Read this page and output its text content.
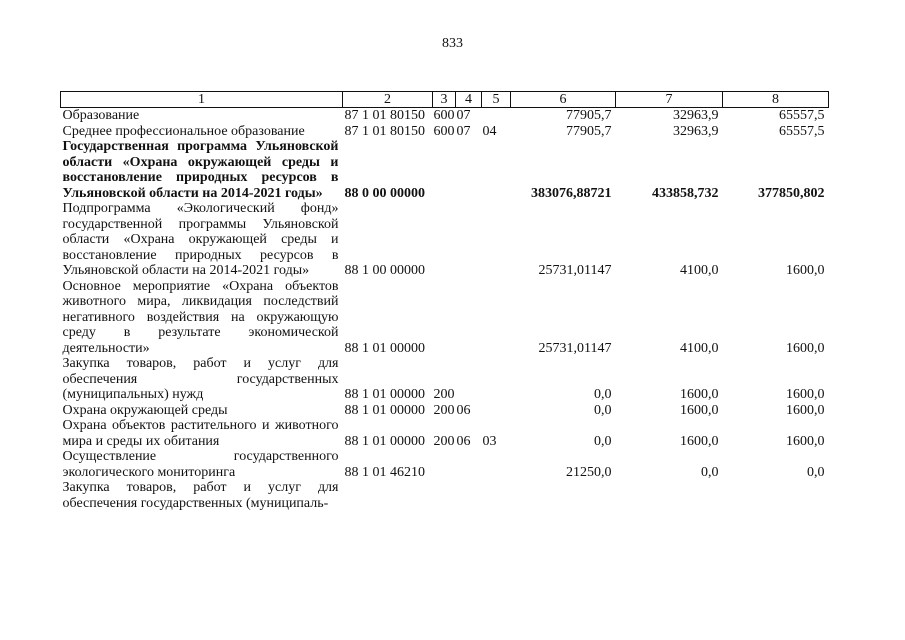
833
1	2	3	4	5	6	7	8
Образование	87 1 01 80150	600	07		77905,7	32963,9	65557,5
Среднее профессиональное образование	87 1 01 80150	600	07	04	77905,7	32963,9	65557,5
Государственная программа Ульяновской области «Охрана окружающей среды и восстановление природных ресурсов в Ульяновской области на 2014-2021 годы»	88 0 00 00000				383076,88721	433858,732	377850,802
Подпрограмма «Экологический фонд» государственной программы Ульяновской области «Охрана окружающей среды и восстановление природных ресурсов в Ульяновской области на 2014-2021 годы»	88 1 00 00000				25731,01147	4100,0	1600,0
Основное мероприятие «Охрана объектов животного мира, ликвидация последствий негативного воздействия на окружающую среду в результате экономической деятельности»	88 1 01 00000				25731,01147	4100,0	1600,0
Закупка товаров, работ и услуг для обеспечения государственных (муниципальных) нужд	88 1 01 00000	200			0,0	1600,0	1600,0
Охрана окружающей среды	88 1 01 00000	200	06		0,0	1600,0	1600,0
Охрана объектов растительного и животного мира и среды их обитания	88 1 01 00000	200	06	03	0,0	1600,0	1600,0
Осуществление государственного экологического мониторинга	88 1 01 46210				21250,0	0,0	0,0
Закупка товаров, работ и услуг для обеспечения государственных (муниципаль-							
